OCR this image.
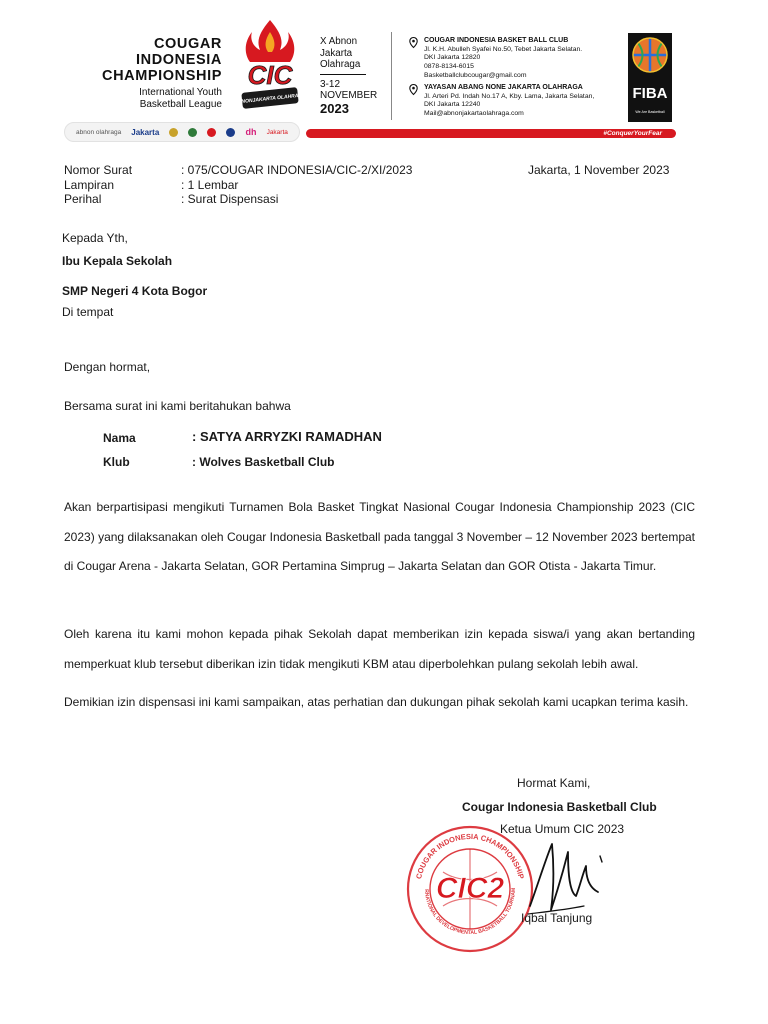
COUGAR
INDONESIA
CHAMPIONSHIP
International Youth
Basketball League
CIC
ABNONJAKARTA OLAHRAGA
X Abnon
Jakarta
Olahraga
3-12
NOVEMBER
2023
COUGAR INDONESIA BASKET BALL CLUB
Jl. K.H. Abulleh Syafei No.50, Tebet Jakarta Selatan.
DKI Jakarta 12820
0878-8134-6015
Basketballclubcougar@gmail.com
YAYASAN ABANG NONE JAKARTA OLAHRAGA
Jl. Arteri Pd. Indah No.17 A, Kby. Lama, Jakarta Selatan,
DKI Jakarta 12240
Mail@abnonjakartaolahraga.com
FIBA
We Are Basketball
abnon olahraga Jakarta	dh Jakarta	#ConquerYourFear
Nomor Surat	: 075/COUGAR INDONESIA/CIC-2/XI/2023	Jakarta, 1 November 2023
Lampiran	: 1 Lembar
Perihal	: Surat Dispensasi
Kepada Yth,
Ibu Kepala Sekolah
SMP Negeri 4 Kota Bogor
Di tempat
Dengan hormat,
Bersama surat ini kami beritahukan bahwa
Nama	: SATYA ARRYZKI RAMADHAN
Klub	: Wolves Basketball Club
Akan berpartisipasi mengikuti Turnamen Bola Basket Tingkat Nasional Cougar Indonesia Championship 2023 (CIC 2023) yang dilaksanakan oleh Cougar Indonesia Basketball pada tanggal 3 November – 12 November 2023 bertempat di Cougar Arena - Jakarta Selatan, GOR Pertamina Simprug – Jakarta Selatan dan GOR Otista - Jakarta Timur.
Oleh karena itu kami mohon kepada pihak Sekolah dapat memberikan izin kepada siswa/i yang akan bertanding memperkuat klub tersebut diberikan izin tidak mengikuti KBM atau diperbolehkan pulang sekolah lebih awal.
Demikian izin dispensasi ini kami sampaikan, atas perhatian dan dukungan pihak sekolah kami ucapkan terima kasih.
Hormat Kami,
Cougar Indonesia Basketball Club
COUGAR INDONESIA CHAMPIONSHIP
RNATIONAL DEVELOPMENTAL BASKETBALL TOURNAM
CIC2
Ketua Umum CIC 2023
Iqbal Tanjung
